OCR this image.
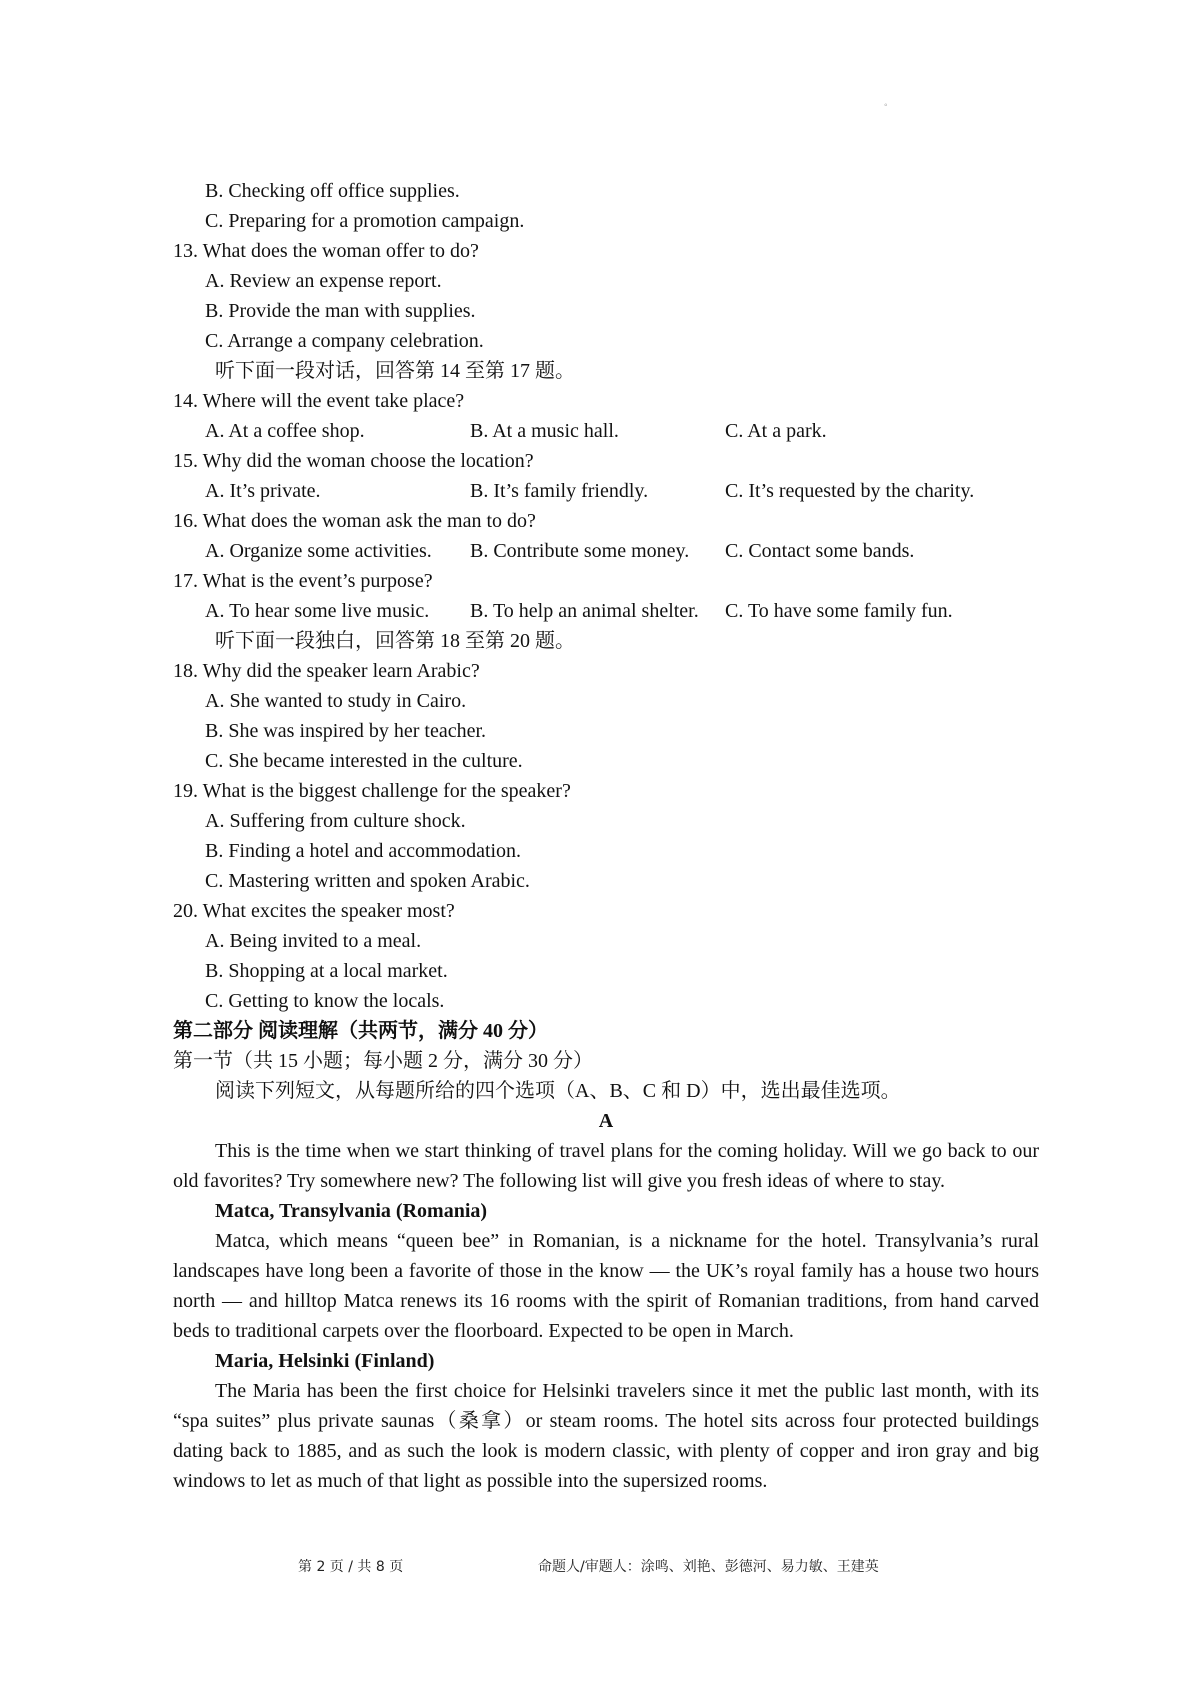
◦
B. Checking off office supplies.
C. Preparing for a promotion campaign.
13. What does the woman offer to do?
A. Review an expense report.
B. Provide the man with supplies.
C. Arrange a company celebration.
听下面一段对话，回答第 14 至第 17 题。
14. Where will the event take place?
A. At a coffee shop.	B. At a music hall.	C. At a park.
15. Why did the woman choose the location?
A. It’s private.	B. It’s family friendly.	C. It’s requested by the charity.
16. What does the woman ask the man to do?
A. Organize some activities. B. Contribute some money. C. Contact some bands.
17. What is the event’s purpose?
A. To hear some live music. B. To help an animal shelter. C. To have some family fun.
听下面一段独白，回答第 18 至第 20 题。
18. Why did the speaker learn Arabic?
A. She wanted to study in Cairo.
B. She was inspired by her teacher.
C. She became interested in the culture.
19. What is the biggest challenge for the speaker?
A. Suffering from culture shock.
B. Finding a hotel and accommodation.
C. Mastering written and spoken Arabic.
20. What excites the speaker most?
A. Being invited to a meal.
B. Shopping at a local market.
C. Getting to know the locals.
第二部分 阅读理解（共两节，满分 40 分）
第一节（共 15 小题；每小题 2 分，满分 30 分）
阅读下列短文，从每题所给的四个选项（A、B、C 和 D）中，选出最佳选项。
A
This is the time when we start thinking of travel plans for the coming holiday. Will we go back to our old favorites? Try somewhere new? The following list will give you fresh ideas of where to stay.
Matca, Transylvania (Romania)
Matca, which means “queen bee” in Romanian, is a nickname for the hotel. Transylvania’s rural landscapes have long been a favorite of those in the know — the UK’s royal family has a house two hours north — and hilltop Matca renews its 16 rooms with the spirit of Romanian traditions, from hand carved beds to traditional carpets over the floorboard. Expected to be open in March.
Maria, Helsinki (Finland)
The Maria has been the first choice for Helsinki travelers since it met the public last month, with its “spa suites” plus private saunas（桑拿）or steam rooms. The hotel sits across four protected buildings dating back to 1885, and as such the look is modern classic, with plenty of copper and iron gray and big windows to let as much of that light as possible into the supersized rooms.
第 2 页 / 共 8 页	命题人/审题人：涂鸣、刘艳、彭德河、易力敏、王建英
